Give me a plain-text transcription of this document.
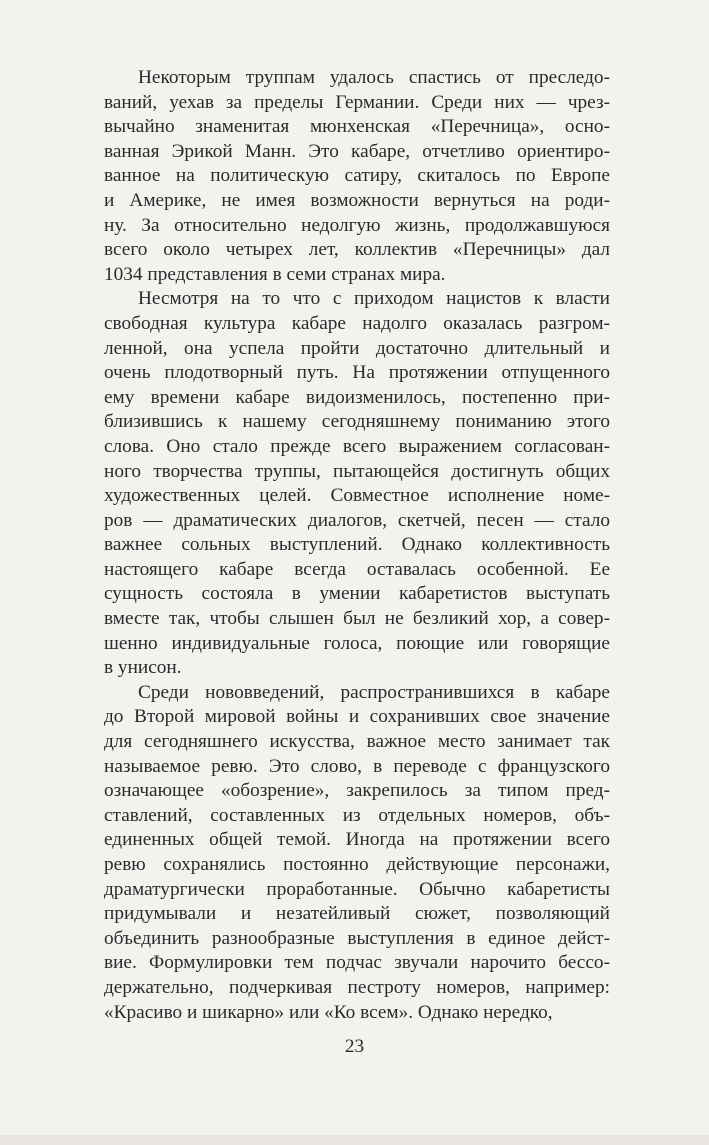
Некоторым труппам удалось спастись от преследо-
ваний, уехав за пределы Германии. Среди них — чрез-
вычайно знаменитая мюнхенская «Перечница», осно-
ванная Эрикой Манн. Это кабаре, отчетливо ориентиро-
ванное на политическую сатиру, скиталось по Европе
и Америке, не имея возможности вернуться на роди-
ну. За относительно недолгую жизнь, продолжавшуюся
всего около четырех лет, коллектив «Перечницы» дал
1034 представления в семи странах мира.
Несмотря на то что с приходом нацистов к власти
свободная культура кабаре надолго оказалась разгром-
ленной, она успела пройти достаточно длительный и
очень плодотворный путь. На протяжении отпущенного
ему времени кабаре видоизменилось, постепенно при-
близившись к нашему сегодняшнему пониманию этого
слова. Оно стало прежде всего выражением согласован-
ного творчества труппы, пытающейся достигнуть общих
художественных целей. Совместное исполнение номе-
ров — драматических диалогов, скетчей, песен — стало
важнее сольных выступлений. Однако коллективность
настоящего кабаре всегда оставалась особенной. Ее
сущность состояла в умении кабаретистов выступать
вместе так, чтобы слышен был не безликий хор, а совер-
шенно индивидуальные голоса, поющие или говорящие
в унисон.
Среди нововведений, распространившихся в кабаре
до Второй мировой войны и сохранивших свое значение
для сегодняшнего искусства, важное место занимает так
называемое ревю. Это слово, в переводе с французского
означающее «обозрение», закрепилось за типом пред-
ставлений, составленных из отдельных номеров, объ-
единенных общей темой. Иногда на протяжении всего
ревю сохранялись постоянно действующие персонажи,
драматургически проработанные. Обычно кабаретисты
придумывали и незатейливый сюжет, позволяющий
объединить разнообразные выступления в единое дейст-
вие. Формулировки тем подчас звучали нарочито бессо-
держательно, подчеркивая пестроту номеров, например:
«Красиво и шикарно» или «Ко всем». Однако нередко,
23
